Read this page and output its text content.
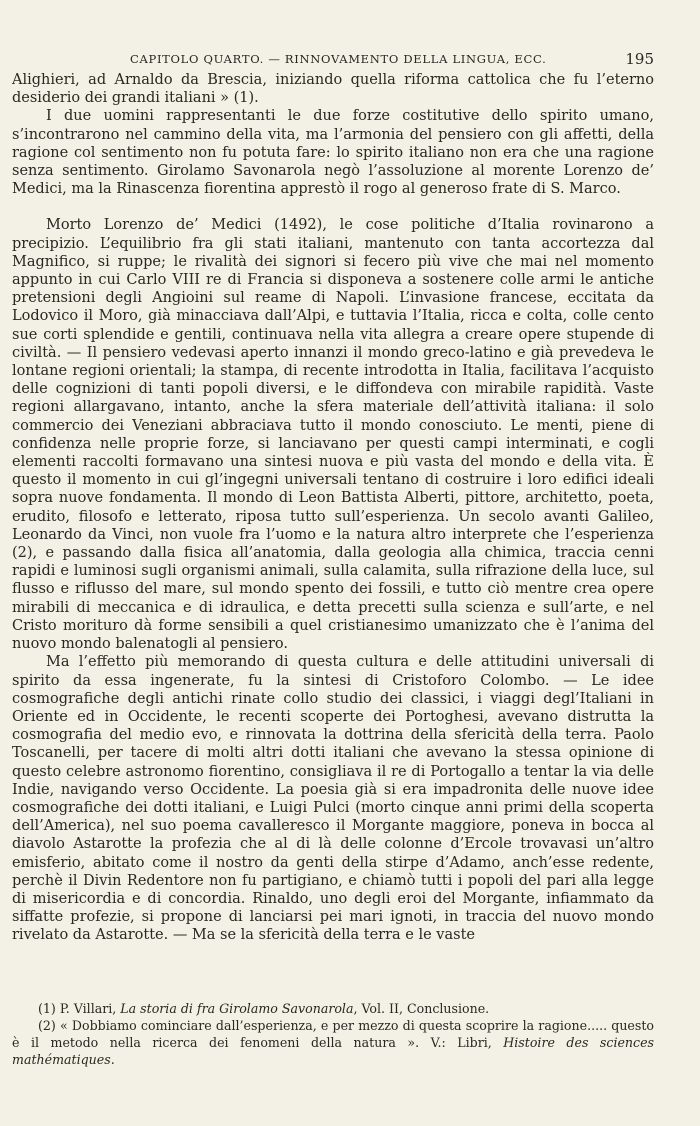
CAPITOLO QUARTO. — RINNOVAMENTO DELLA LINGUA, ECC.	195

Alighieri, ad Arnaldo da Brescia, iniziando quella riforma cattolica che fu l’eterno desiderio dei grandi italiani » (1).

I due uomini rappresentanti le due forze costitutive dello spirito umano, s’incontrarono nel cammino della vita, ma l’armonia del pensiero con gli affetti, della ragione col sentimento non fu potuta fare: lo spirito italiano non era che una ragione senza sentimento. Girolamo Savonarola negò l’assoluzione al morente Lorenzo de’ Medici, ma la Rinascenza fiorentina apprestò il rogo al generoso frate di S. Marco.

Morto Lorenzo de’ Medici (1492), le cose politiche d’Italia rovinarono a precipizio. L’equilibrio fra gli stati italiani, mantenuto con tanta accortezza dal Magnifico, si ruppe; le rivalità dei signori si fecero più vive che mai nel momento appunto in cui Carlo VIII re di Francia si disponeva a sostenere colle armi le antiche pretensioni degli Angioini sul reame di Napoli. L’invasione francese, eccitata da Lodovico il Moro, già minacciava dall’Alpi, e tuttavia l’Italia, ricca e colta, colle cento sue corti splendide e gentili, continuava nella vita allegra a creare opere stupende di civiltà. — Il pensiero vedevasi aperto innanzi il mondo greco-latino e già prevedeva le lontane regioni orientali; la stampa, di recente introdotta in Italia, facilitava l’acquisto delle cognizioni di tanti popoli diversi, e le diffondeva con mirabile rapidità. Vaste regioni allargavano, intanto, anche la sfera materiale dell’attività italiana: il solo commercio dei Veneziani abbraciava tutto il mondo conosciuto. Le menti, piene di confidenza nelle proprie forze, si lanciavano per questi campi interminati, e cogli elementi raccolti formavano una sintesi nuova e più vasta del mondo e della vita. È questo il momento in cui gl’ingegni universali tentano di costruire i loro edifici ideali sopra nuove fondamenta. Il mondo di Leon Battista Alberti, pittore, architetto, poeta, erudito, filosofo e letterato, riposa tutto sull’esperienza. Un secolo avanti Galileo, Leonardo da Vinci, non vuole fra l’uomo e la natura altro interprete che l’esperienza (2), e passando dalla fisica all’anatomia, dalla geologia alla chimica, traccia cenni rapidi e luminosi sugli organismi animali, sulla calamita, sulla rifrazione della luce, sul flusso e riflusso del mare, sul mondo spento dei fossili, e tutto ciò mentre crea opere mirabili di meccanica e di idraulica, e detta precetti sulla scienza e sull’arte, e nel Cristo moriturо dà forme sensibili a quel cristianesimo umanizzato che è l’anima del nuovo mondo balenatogli al pensiero.

Ma l’effetto più memorando di questa cultura e delle attitudini universali di spirito da essa ingenerate, fu la sintesi di Cristoforo Colombo. — Le idee cosmografiche degli antichi rinate collo studio dei classici, i viaggi degl’Italiani in Oriente ed in Occidente, le recenti scoperte dei Portoghesi, avevano distrutta la cosmografia del medio evo, e rinnovata la dottrina della sfericità della terra. Paolo Toscanelli, per tacere di molti altri dotti italiani che avevano la stessa opinione di questo celebre astronomo fiorentino, consigliava il re di Portogallo a tentar la via delle Indie, navigando verso Occidente. La poesia già si era impadronita delle nuove idee cosmografiche dei dotti italiani, e Luigi Pulci (morto cinque anni primi della scoperta dell’America), nel suo poema cavalleresco il Morgante maggiore, poneva in bocca al diavolo Astarotte la profezia che al di là delle colonne d’Ercole trovavasi un’altro emisferio, abitato come il nostro da genti della stirpe d’Adamo, anch’esse redente, perchè il Divin Redentore non fu partigiano, e chiamò tutti i popoli del pari alla legge di misericordia e di concordia. Rinaldo, uno degli eroi del Morgante, infiammato da siffatte profezie, si propone di lanciarsi pei mari ignoti, in traccia del nuovo mondo rivelato da Astarotte. — Ma se la sfericità della terra e le vaste

(1) P. Villari, La storia di fra Girolamo Savonarola, Vol. II, Conclusione.

(2) « Dobbiamo cominciare dall’esperienza, e per mezzo di questa scoprire la ragione..... questo è il metodo nella ricerca dei fenomeni della natura ». V.: Libri, Histoire des sciences mathématiques.
